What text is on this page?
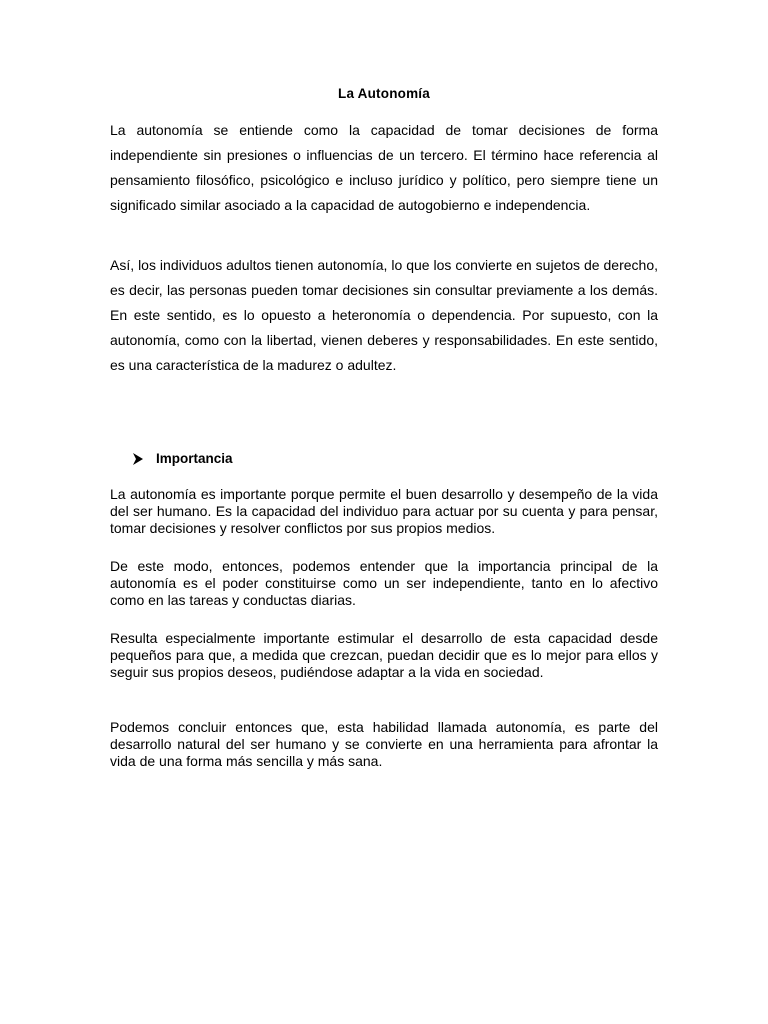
La Autonomía

La autonomía se entiende como la capacidad de tomar decisiones de forma independiente sin presiones o influencias de un tercero. El término hace referencia al pensamiento filosófico, psicológico e incluso jurídico y político, pero siempre tiene un significado similar asociado a la capacidad de autogobierno e independencia.

Así, los individuos adultos tienen autonomía, lo que los convierte en sujetos de derecho, es decir, las personas pueden tomar decisiones sin consultar previamente a los demás. En este sentido, es lo opuesto a heteronomía o dependencia. Por supuesto, con la autonomía, como con la libertad, vienen deberes y responsabilidades. En este sentido, es una característica de la madurez o adultez.

Importancia

La autonomía es importante porque permite el buen desarrollo y desempeño de la vida del ser humano. Es la capacidad del individuo para actuar por su cuenta y para pensar, tomar decisiones y resolver conflictos por sus propios medios.

De este modo, entonces, podemos entender que la importancia principal de la autonomía es el poder constituirse como un ser independiente, tanto en lo afectivo como en las tareas y conductas diarias.

Resulta especialmente importante estimular el desarrollo de esta capacidad desde pequeños para que, a medida que crezcan, puedan decidir que es lo mejor para ellos y seguir sus propios deseos, pudiéndose adaptar a la vida en sociedad.

Podemos concluir entonces que, esta habilidad llamada autonomía, es parte del desarrollo natural del ser humano y se convierte en una herramienta para afrontar la vida de una forma más sencilla y más sana.
